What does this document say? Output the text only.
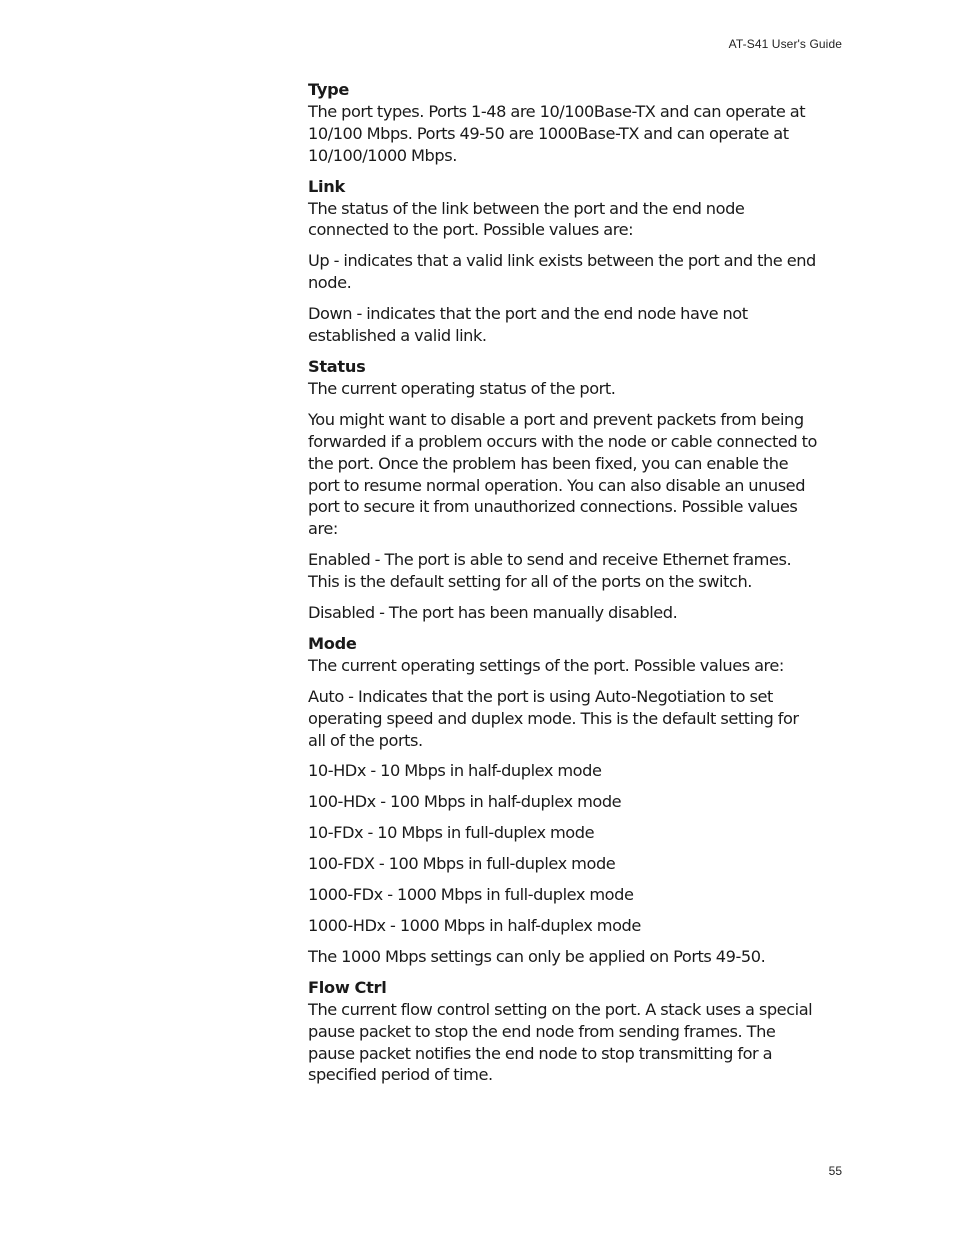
AT-S41 User's Guide
Type
The port types. Ports 1-48 are 10/100Base-TX and can operate at 10/100 Mbps. Ports 49-50 are 1000Base-TX and can operate at 10/100/1000 Mbps.
Link
The status of the link between the port and the end node connected to the port. Possible values are:
Up - indicates that a valid link exists between the port and the end node.
Down - indicates that the port and the end node have not established a valid link.
Status
The current operating status of the port.
You might want to disable a port and prevent packets from being forwarded if a problem occurs with the node or cable connected to the port. Once the problem has been fixed, you can enable the port to resume normal operation. You can also disable an unused port to secure it from unauthorized connections. Possible values are:
Enabled - The port is able to send and receive Ethernet frames. This is the default setting for all of the ports on the switch.
Disabled - The port has been manually disabled.
Mode
The current operating settings of the port. Possible values are:
Auto - Indicates that the port is using Auto-Negotiation to set operating speed and duplex mode. This is the default setting for all of the ports.
10-HDx - 10 Mbps in half-duplex mode
100-HDx - 100 Mbps in half-duplex mode
10-FDx - 10 Mbps in full-duplex mode
100-FDX - 100 Mbps in full-duplex mode
1000-FDx - 1000 Mbps in full-duplex mode
1000-HDx - 1000 Mbps in half-duplex mode
The 1000 Mbps settings can only be applied on Ports 49-50.
Flow Ctrl
The current flow control setting on the port. A stack uses a special pause packet to stop the end node from sending frames. The pause packet notifies the end node to stop transmitting for a specified period of time.
55
